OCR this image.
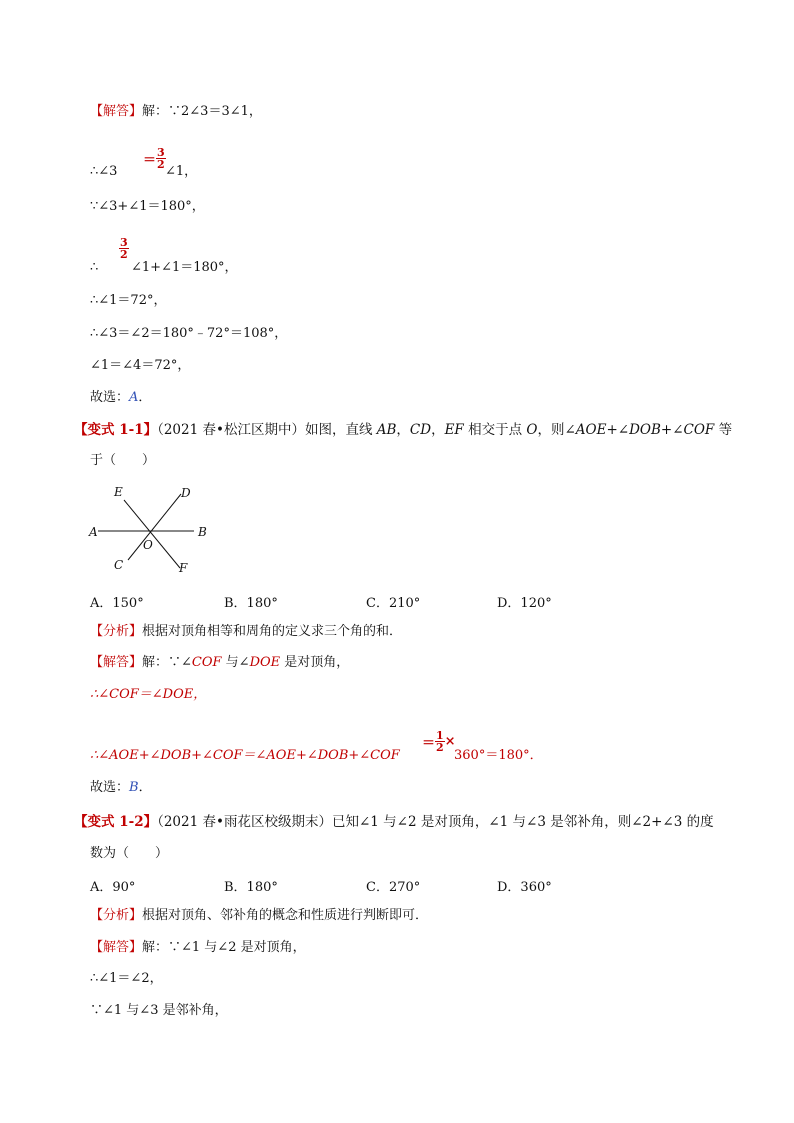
【解答】解：∵2∠3＝3∠1，
∴∠3
＝ $\frac{3}{2}$
∠1，
∵∠3+∠1＝180°，
∴
$\frac{3}{2}$
∠1+∠1＝180°，
∴∠1＝72°，
∴∠3＝∠2＝180°﹣72°＝108°，
∠1＝∠4＝72°，
故选：A．
【变式 1-1】（2021 春•松江区期中）如图，直线 AB，CD，EF 相交于点 O，则∠AOE+∠DOB+∠COF 等
于（　　）
E	D
A	B
O
C	F
A．150°	B．180°	C．210°	D．120°
【分析】根据对顶角相等和周角的定义求三个角的和．
【解答】解：∵∠COF 与∠DOE 是对顶角，
∴∠COF＝∠DOE，
∴∠AOE+∠DOB+∠COF＝∠AOE+∠DOB+∠COF
＝ $\frac{1}{2}$ ×
360°＝180°．
故选：B．
【变式 1-2】（2021 春•雨花区校级期末）已知∠1 与∠2 是对顶角，∠1 与∠3 是邻补角，则∠2+∠3 的度
数为（　　）
A．90°	B．180°	C．270°	D．360°
【分析】根据对顶角、邻补角的概念和性质进行判断即可．
【解答】解：∵∠1 与∠2 是对顶角，
∴∠1＝∠2，
∵∠1 与∠3 是邻补角，
